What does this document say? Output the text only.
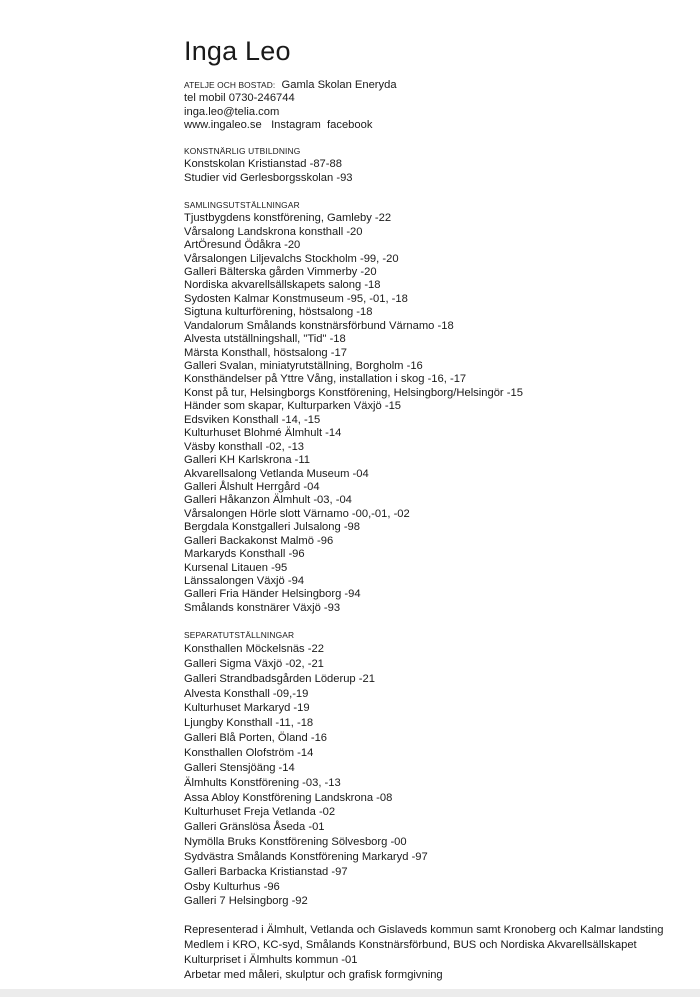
Inga Leo
ATELJE OCH BOSTAD: Gamla Skolan Eneryda
tel mobil 0730-246744
inga.leo@telia.com
www.ingaleo.se Instagram facebook
KONSTNÄRLIG UTBILDNING
Konstskolan Kristianstad -87-88
Studier vid Gerlesborgsskolan -93
SAMLINGSUTSTÄLLNINGAR
Tjustbygdens konstförening, Gamleby -22
Vårsalong Landskrona konsthall -20
ArtÖresund Ödåkra -20
Vårsalongen Liljevalchs Stockholm -99, -20
Galleri Bälterska gården Vimmerby -20
Nordiska akvarellsällskapets salong -18
Sydosten Kalmar Konstmuseum -95, -01, -18
Sigtuna kulturförening, höstsalong -18
Vandalorum Smålands konstnärsförbund Värnamo -18
Alvesta utställningshall, "Tid" -18
Märsta Konsthall, höstsalong -17
Galleri Svalan, miniatyrutställning, Borgholm -16
Konsthändelser på Yttre Vång, installation i skog -16, -17
Konst på tur, Helsingborgs Konstförening, Helsingborg/Helsingör -15
Händer som skapar, Kulturparken Växjö -15
Edsviken Konsthall -14, -15
Kulturhuset Blohmé Älmhult -14
Väsby konsthall -02, -13
Galleri KH Karlskrona -11
Akvarellsalong Vetlanda Museum -04
Galleri Ålshult Herrgård -04
Galleri Håkanzon Älmhult -03, -04
Vårsalongen Hörle slott Värnamo -00,-01, -02
Bergdala Konstgalleri Julsalong -98
Galleri Backakonst Malmö -96
Markaryds Konsthall -96
Kursenal Litauen -95
Länssalongen Växjö -94
Galleri Fria Händer Helsingborg -94
Smålands konstnärer Växjö -93
SEPARATUTSTÄLLNINGAR
Konsthallen Möckelsnäs -22
Galleri Sigma Växjö -02, -21
Galleri Strandbadsgården Löderup -21
Alvesta Konsthall -09,-19
Kulturhuset Markaryd -19
Ljungby Konsthall -11, -18
Galleri Blå Porten, Öland -16
Konsthallen Olofström -14
Galleri Stensjöäng -14
Älmhults Konstförening -03, -13
Assa Abloy Konstförening Landskrona -08
Kulturhuset Freja Vetlanda -02
Galleri Gränslösa Åseda -01
Nymölla Bruks Konstförening Sölvesborg -00
Sydvästra Smålands Konstförening Markaryd -97
Galleri Barbacka Kristianstad -97
Osby Kulturhus -96
Galleri 7 Helsingborg -92
Representerad i Älmhult, Vetlanda och Gislaveds kommun samt Kronoberg och Kalmar landsting
Medlem i KRO, KC-syd, Smålands Konstnärsförbund, BUS och Nordiska Akvarellsällskapet
Kulturpriset i Älmhults kommun -01
Arbetar med måleri, skulptur och grafisk formgivning
